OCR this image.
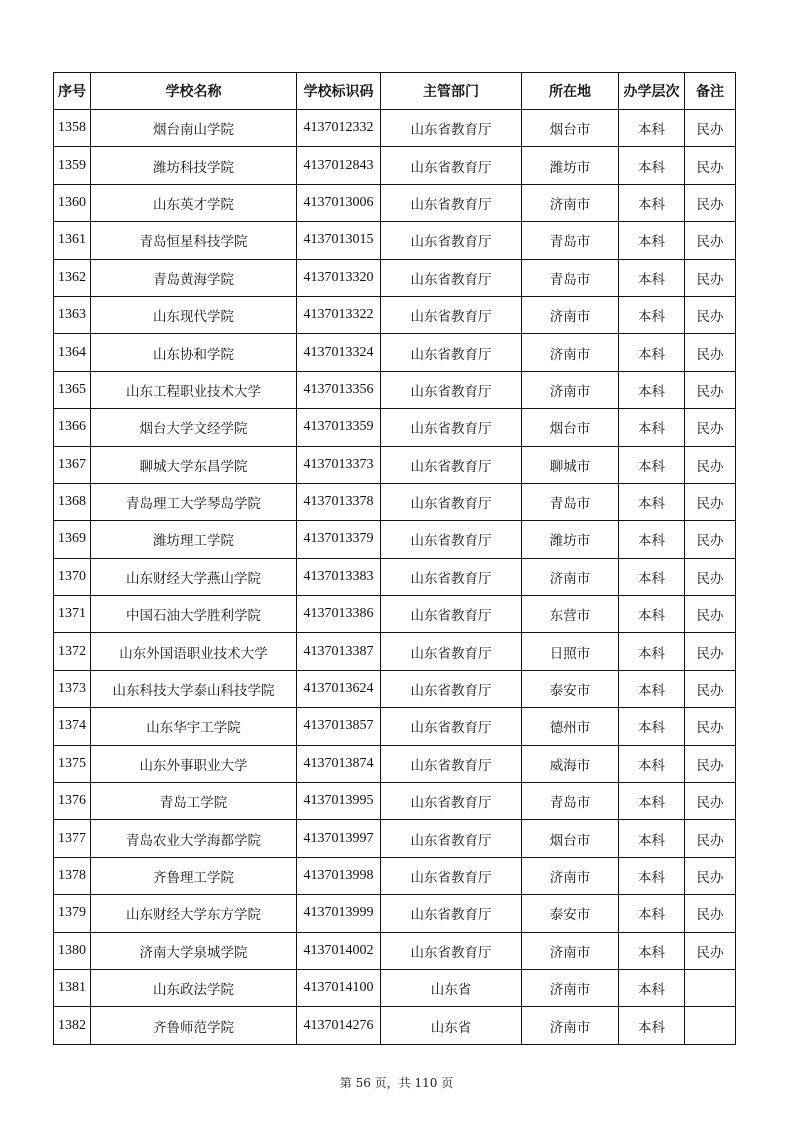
序号	学校名称	学校标识码	主管部门	所在地	办学层次	备注
1358	烟台南山学院	4137012332	山东省教育厅	烟台市	本科	民办
1359	潍坊科技学院	4137012843	山东省教育厅	潍坊市	本科	民办
1360	山东英才学院	4137013006	山东省教育厅	济南市	本科	民办
1361	青岛恒星科技学院	4137013015	山东省教育厅	青岛市	本科	民办
1362	青岛黄海学院	4137013320	山东省教育厅	青岛市	本科	民办
1363	山东现代学院	4137013322	山东省教育厅	济南市	本科	民办
1364	山东协和学院	4137013324	山东省教育厅	济南市	本科	民办
1365	山东工程职业技术大学	4137013356	山东省教育厅	济南市	本科	民办
1366	烟台大学文经学院	4137013359	山东省教育厅	烟台市	本科	民办
1367	聊城大学东昌学院	4137013373	山东省教育厅	聊城市	本科	民办
1368	青岛理工大学琴岛学院	4137013378	山东省教育厅	青岛市	本科	民办
1369	潍坊理工学院	4137013379	山东省教育厅	潍坊市	本科	民办
1370	山东财经大学燕山学院	4137013383	山东省教育厅	济南市	本科	民办
1371	中国石油大学胜利学院	4137013386	山东省教育厅	东营市	本科	民办
1372	山东外国语职业技术大学	4137013387	山东省教育厅	日照市	本科	民办
1373	山东科技大学泰山科技学院	4137013624	山东省教育厅	泰安市	本科	民办
1374	山东华宇工学院	4137013857	山东省教育厅	德州市	本科	民办
1375	山东外事职业大学	4137013874	山东省教育厅	威海市	本科	民办
1376	青岛工学院	4137013995	山东省教育厅	青岛市	本科	民办
1377	青岛农业大学海都学院	4137013997	山东省教育厅	烟台市	本科	民办
1378	齐鲁理工学院	4137013998	山东省教育厅	济南市	本科	民办
1379	山东财经大学东方学院	4137013999	山东省教育厅	泰安市	本科	民办
1380	济南大学泉城学院	4137014002	山东省教育厅	济南市	本科	民办
1381	山东政法学院	4137014100	山东省	济南市	本科	
1382	齐鲁师范学院	4137014276	山东省	济南市	本科	
第 56 页，共 110 页
